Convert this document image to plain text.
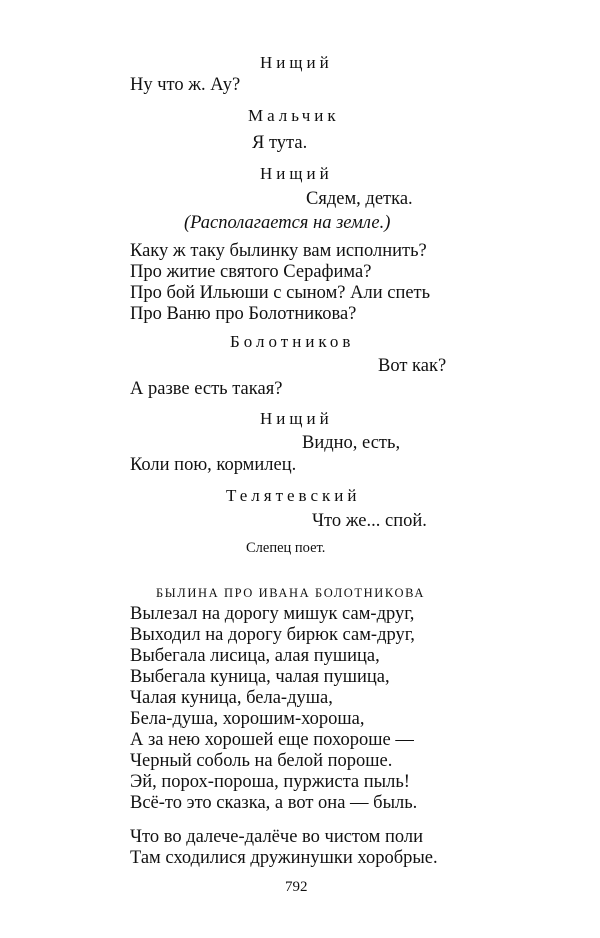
Нищий
Ну что ж. Ау?
Мальчик
Я тута.
Нищий
Сядем, детка.
(Располагается на земле.)
Каку ж таку былинку вам исполнить?
Про житие святого Серафима?
Про бой Ильюши с сыном? Али спеть
Про Ваню про Болотникова?
Болотников
Вот как?
А разве есть такая?
Нищий
Видно, есть,
Коли пою, кормилец.
Телятевский
Что же... спой.
Слепец поет.
БЫЛИНА ПРО ИВАНА БОЛОТНИКОВА
Вылезал на дорогу мишук сам-друг,
Выходил на дорогу бирюк сам-друг,
Выбегала лисица, алая пушица,
Выбегала куница, чалая пушица,
Чалая куница, бела-душа,
Бела-душа, хорошим-хороша,
А за нею хорошей еще похороше —
Черный соболь на белой пороше.
Эй, порох-пороша, пуржиста пыль!
Всё-то это сказка, а вот она — быль.
Что во далече-далёче во чистом поли
Там сходилися дружинушки хоробрые.
792
